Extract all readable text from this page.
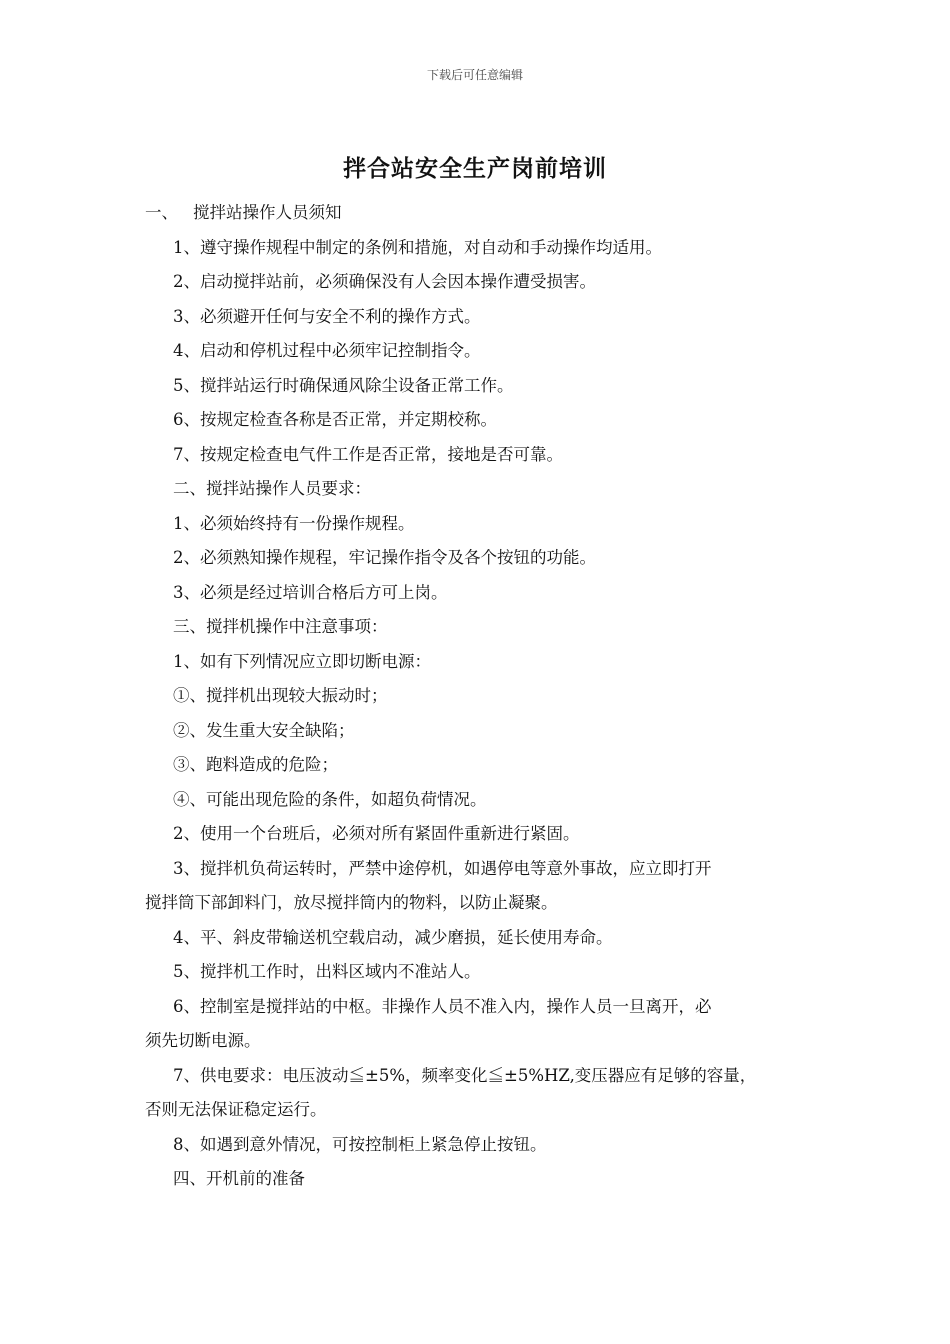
下载后可任意编辑
拌合站安全生产岗前培训
一、 搅拌站操作人员须知
1、遵守操作规程中制定的条例和措施，对自动和手动操作均适用。
2、启动搅拌站前，必须确保没有人会因本操作遭受损害。
3、必须避开任何与安全不利的操作方式。
4、启动和停机过程中必须牢记控制指令。
5、搅拌站运行时确保通风除尘设备正常工作。
6、按规定检查各称是否正常，并定期校称。
7、按规定检查电气件工作是否正常，接地是否可靠。
二、搅拌站操作人员要求：
1、必须始终持有一份操作规程。
2、必须熟知操作规程，牢记操作指令及各个按钮的功能。
3、必须是经过培训合格后方可上岗。
三、搅拌机操作中注意事项：
1、如有下列情况应立即切断电源：
①、搅拌机出现较大振动时；
②、发生重大安全缺陷；
③、跑料造成的危险；
④、可能出现危险的条件，如超负荷情况。
2、使用一个台班后，必须对所有紧固件重新进行紧固。
3、搅拌机负荷运转时，严禁中途停机，如遇停电等意外事故，应立即打开
搅拌筒下部卸料门，放尽搅拌筒内的物料，以防止凝聚。
4、平、斜皮带输送机空载启动，减少磨损，延长使用寿命。
5、搅拌机工作时，出料区域内不准站人。
6、控制室是搅拌站的中枢。非操作人员不准入内，操作人员一旦离开，必
须先切断电源。
7、供电要求：电压波动≦±5%，频率变化≦±5%HZ,变压器应有足够的容量，
否则无法保证稳定运行。
8、如遇到意外情况，可按控制柜上紧急停止按钮。
四、开机前的准备
